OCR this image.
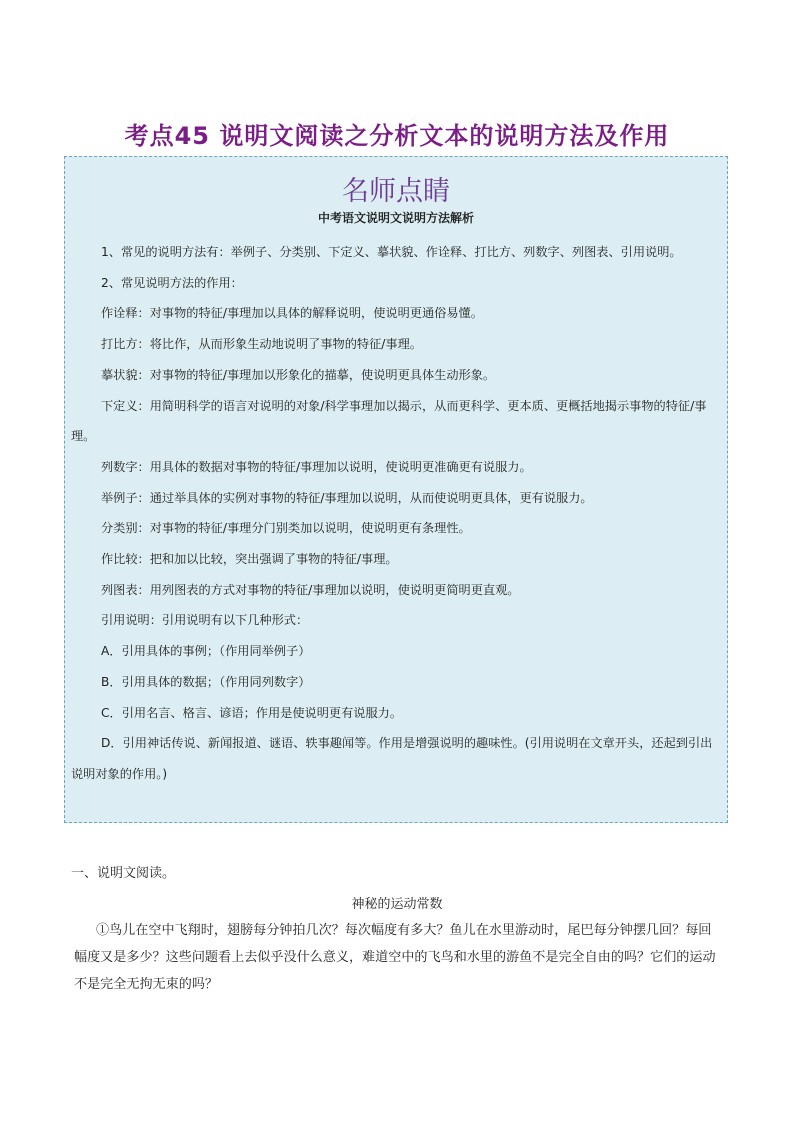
考点45 说明文阅读之分析文本的说明方法及作用
名师点睛
中考语文说明文说明方法解析
1、常见的说明方法有：举例子、分类别、下定义、摹状貌、作诠释、打比方、列数字、列图表、引用说明。
2、常见说明方法的作用：
作诠释：对事物的特征/事理加以具体的解释说明，使说明更通俗易懂。
打比方：将比作，从而形象生动地说明了事物的特征/事理。
摹状貌：对事物的特征/事理加以形象化的描摹，使说明更具体生动形象。
下定义：用简明科学的语言对说明的对象/科学事理加以揭示，从而更科学、更本质、更概括地揭示事物的特征/事理。
列数字：用具体的数据对事物的特征/事理加以说明，使说明更准确更有说服力。
举例子：通过举具体的实例对事物的特征/事理加以说明，从而使说明更具体，更有说服力。
分类别：对事物的特征/事理分门别类加以说明，使说明更有条理性。
作比较：把和加以比较，突出强调了事物的特征/事理。
列图表：用列图表的方式对事物的特征/事理加以说明，使说明更简明更直观。
引用说明：引用说明有以下几种形式：
A．引用具体的事例；（作用同举例子）
B．引用具体的数据；（作用同列数字）
C．引用名言、格言、谚语；作用是使说明更有说服力。
D．引用神话传说、新闻报道、谜语、轶事趣闻等。作用是增强说明的趣味性。(引用说明在文章开头，还起到引出说明对象的作用。)
一、说明文阅读。
神秘的运动常数
①鸟儿在空中飞翔时，翅膀每分钟拍几次？每次幅度有多大？鱼儿在水里游动时，尾巴每分钟摆几回？每回幅度又是多少？这些问题看上去似乎没什么意义，难道空中的飞鸟和水里的游鱼不是完全自由的吗？它们的运动不是完全无拘无束的吗？
